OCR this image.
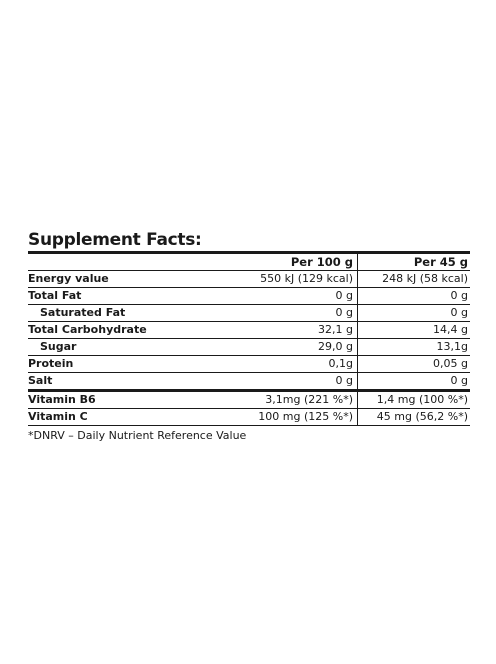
Supplement Facts:
Per 100 g	Per 45 g
Energy value	550 kJ (129 kcal)	248 kJ (58 kcal)
Total Fat	0 g	0 g
Saturated Fat	0 g	0 g
Total Carbohydrate	32,1 g	14,4 g
Sugar	29,0 g	13,1g
Protein	0,1g	0,05 g
Salt	0 g	0 g
Vitamin B6	3,1mg (221 %*)	1,4 mg (100 %*)
Vitamin C	100 mg (125 %*)	45 mg (56,2 %*)
*DNRV – Daily Nutrient Reference Value
